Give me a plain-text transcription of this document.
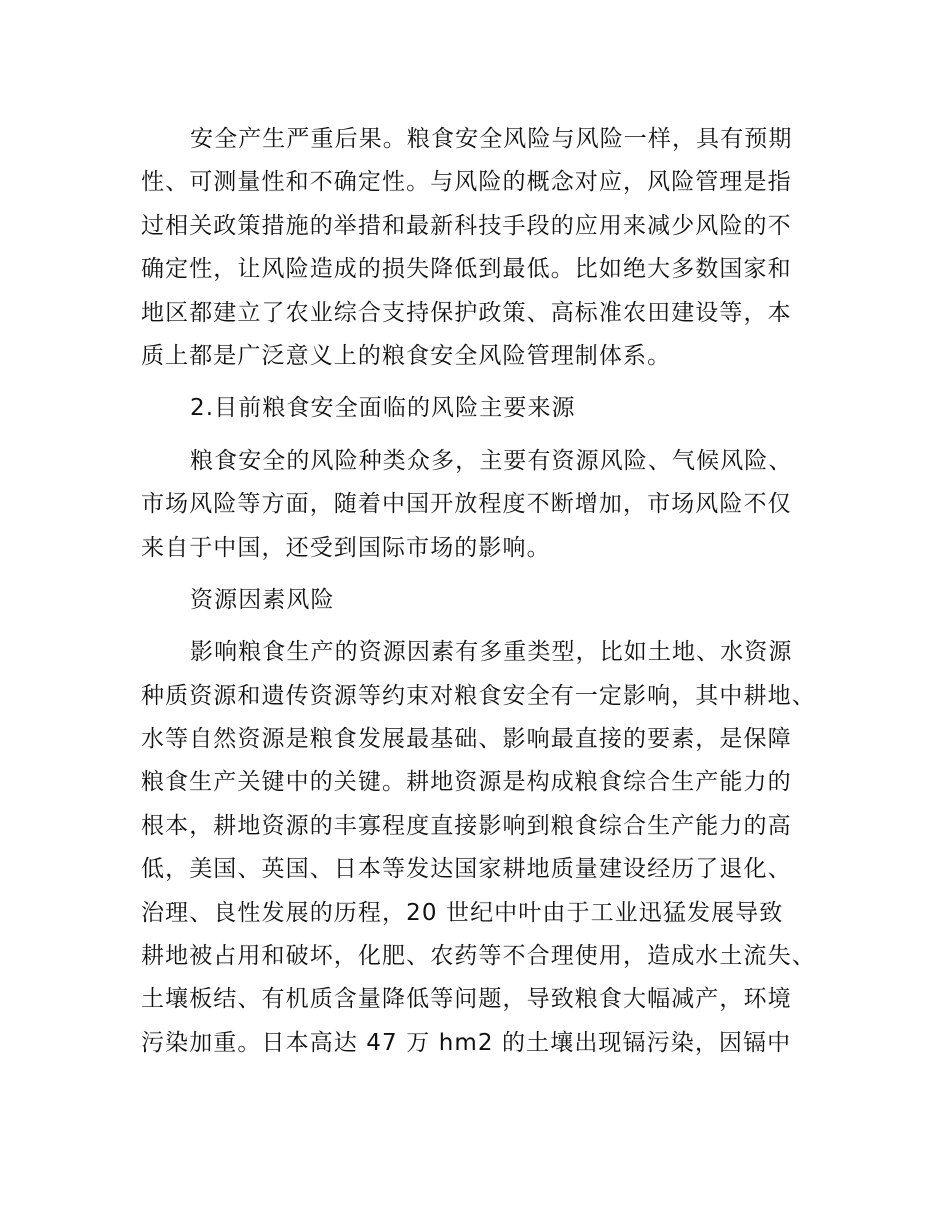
安全产生严重后果。粮食安全风险与风险一样，具有预期
性、可测量性和不确定性。与风险的概念对应，风险管理是指
过相关政策措施的举措和最新科技手段的应用来减少风险的不
确定性，让风险造成的损失降低到最低。比如绝大多数国家和
地区都建立了农业综合支持保护政策、高标准农田建设等，本
质上都是广泛意义上的粮食安全风险管理制体系。
2.目前粮食安全面临的风险主要来源
粮食安全的风险种类众多，主要有资源风险、气候风险、
市场风险等方面，随着中国开放程度不断增加，市场风险不仅
来自于中国，还受到国际市场的影响。
资源因素风险
影响粮食生产的资源因素有多重类型，比如土地、水资源
种质资源和遗传资源等约束对粮食安全有一定影响，其中耕地、
水等自然资源是粮食发展最基础、影响最直接的要素，是保障
粮食生产关键中的关键。耕地资源是构成粮食综合生产能力的
根本，耕地资源的丰寡程度直接影响到粮食综合生产能力的高
低，美国、英国、日本等发达国家耕地质量建设经历了退化、
治理、良性发展的历程，20 世纪中叶由于工业迅猛发展导致
耕地被占用和破坏，化肥、农药等不合理使用，造成水土流失、
土壤板结、有机质含量降低等问题，导致粮食大幅减产，环境
污染加重。日本高达 47 万 hm2 的土壤出现镉污染，因镉中
